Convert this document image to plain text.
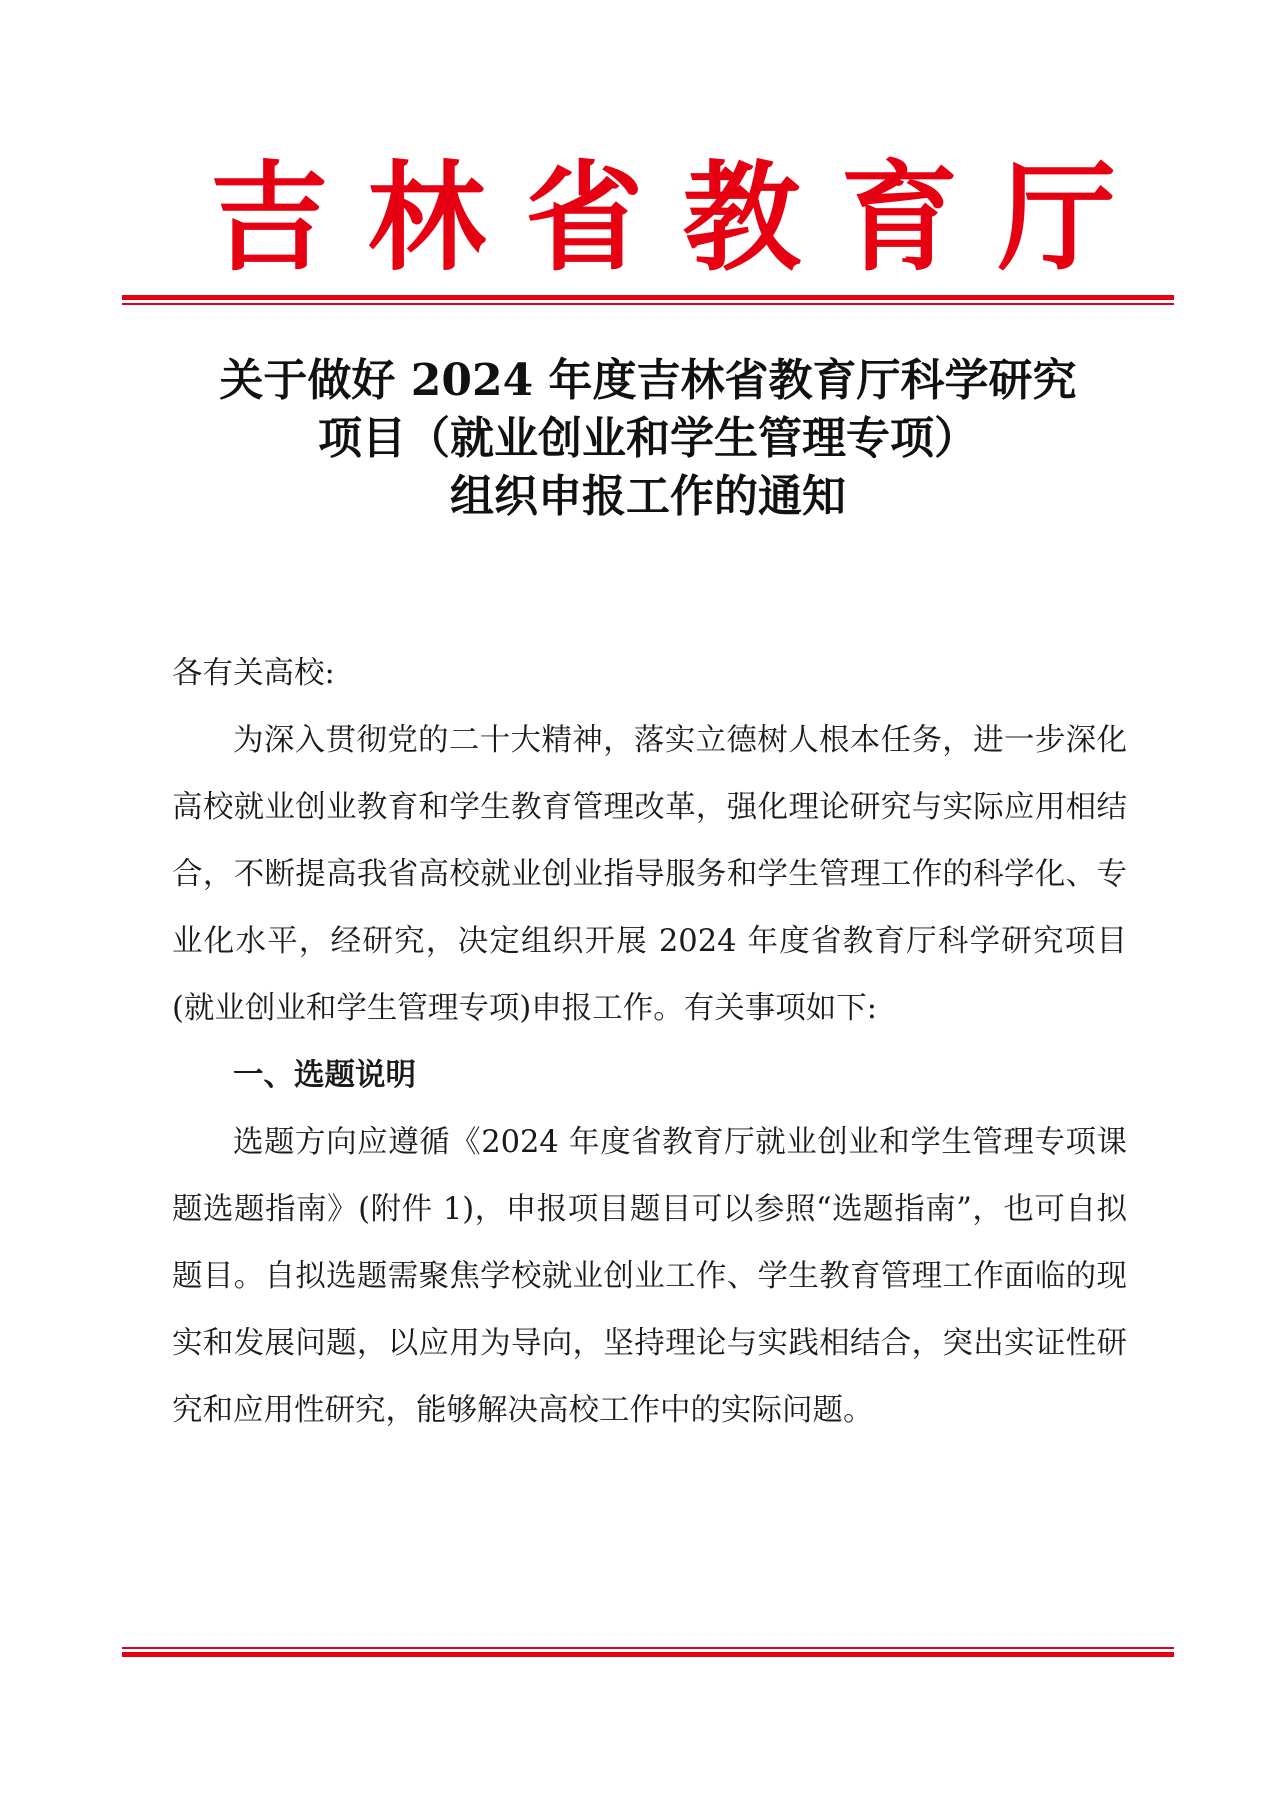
吉 林 省 教 育 厅
关于做好 2024 年度吉林省教育厅科学研究
项目（就业创业和学生管理专项）
组织申报工作的通知

各有关高校:

为深入贯彻党的二十大精神，落实立德树人根本任务，进一步深化高校就业创业教育和学生教育管理改革，强化理论研究与实际应用相结合，不断提高我省高校就业创业指导服务和学生管理工作的科学化、专业化水平，经研究，决定组织开展 2024 年度省教育厅科学研究项目(就业创业和学生管理专项)申报工作。有关事项如下:

一、选题说明

选题方向应遵循《2024 年度省教育厅就业创业和学生管理专项课题选题指南》(附件 1)，申报项目题目可以参照“选题指南”，也可自拟题目。自拟选题需聚焦学校就业创业工作、学生教育管理工作面临的现实和发展问题，以应用为导向，坚持理论与实践相结合，突出实证性研究和应用性研究，能够解决高校工作中的实际问题。
